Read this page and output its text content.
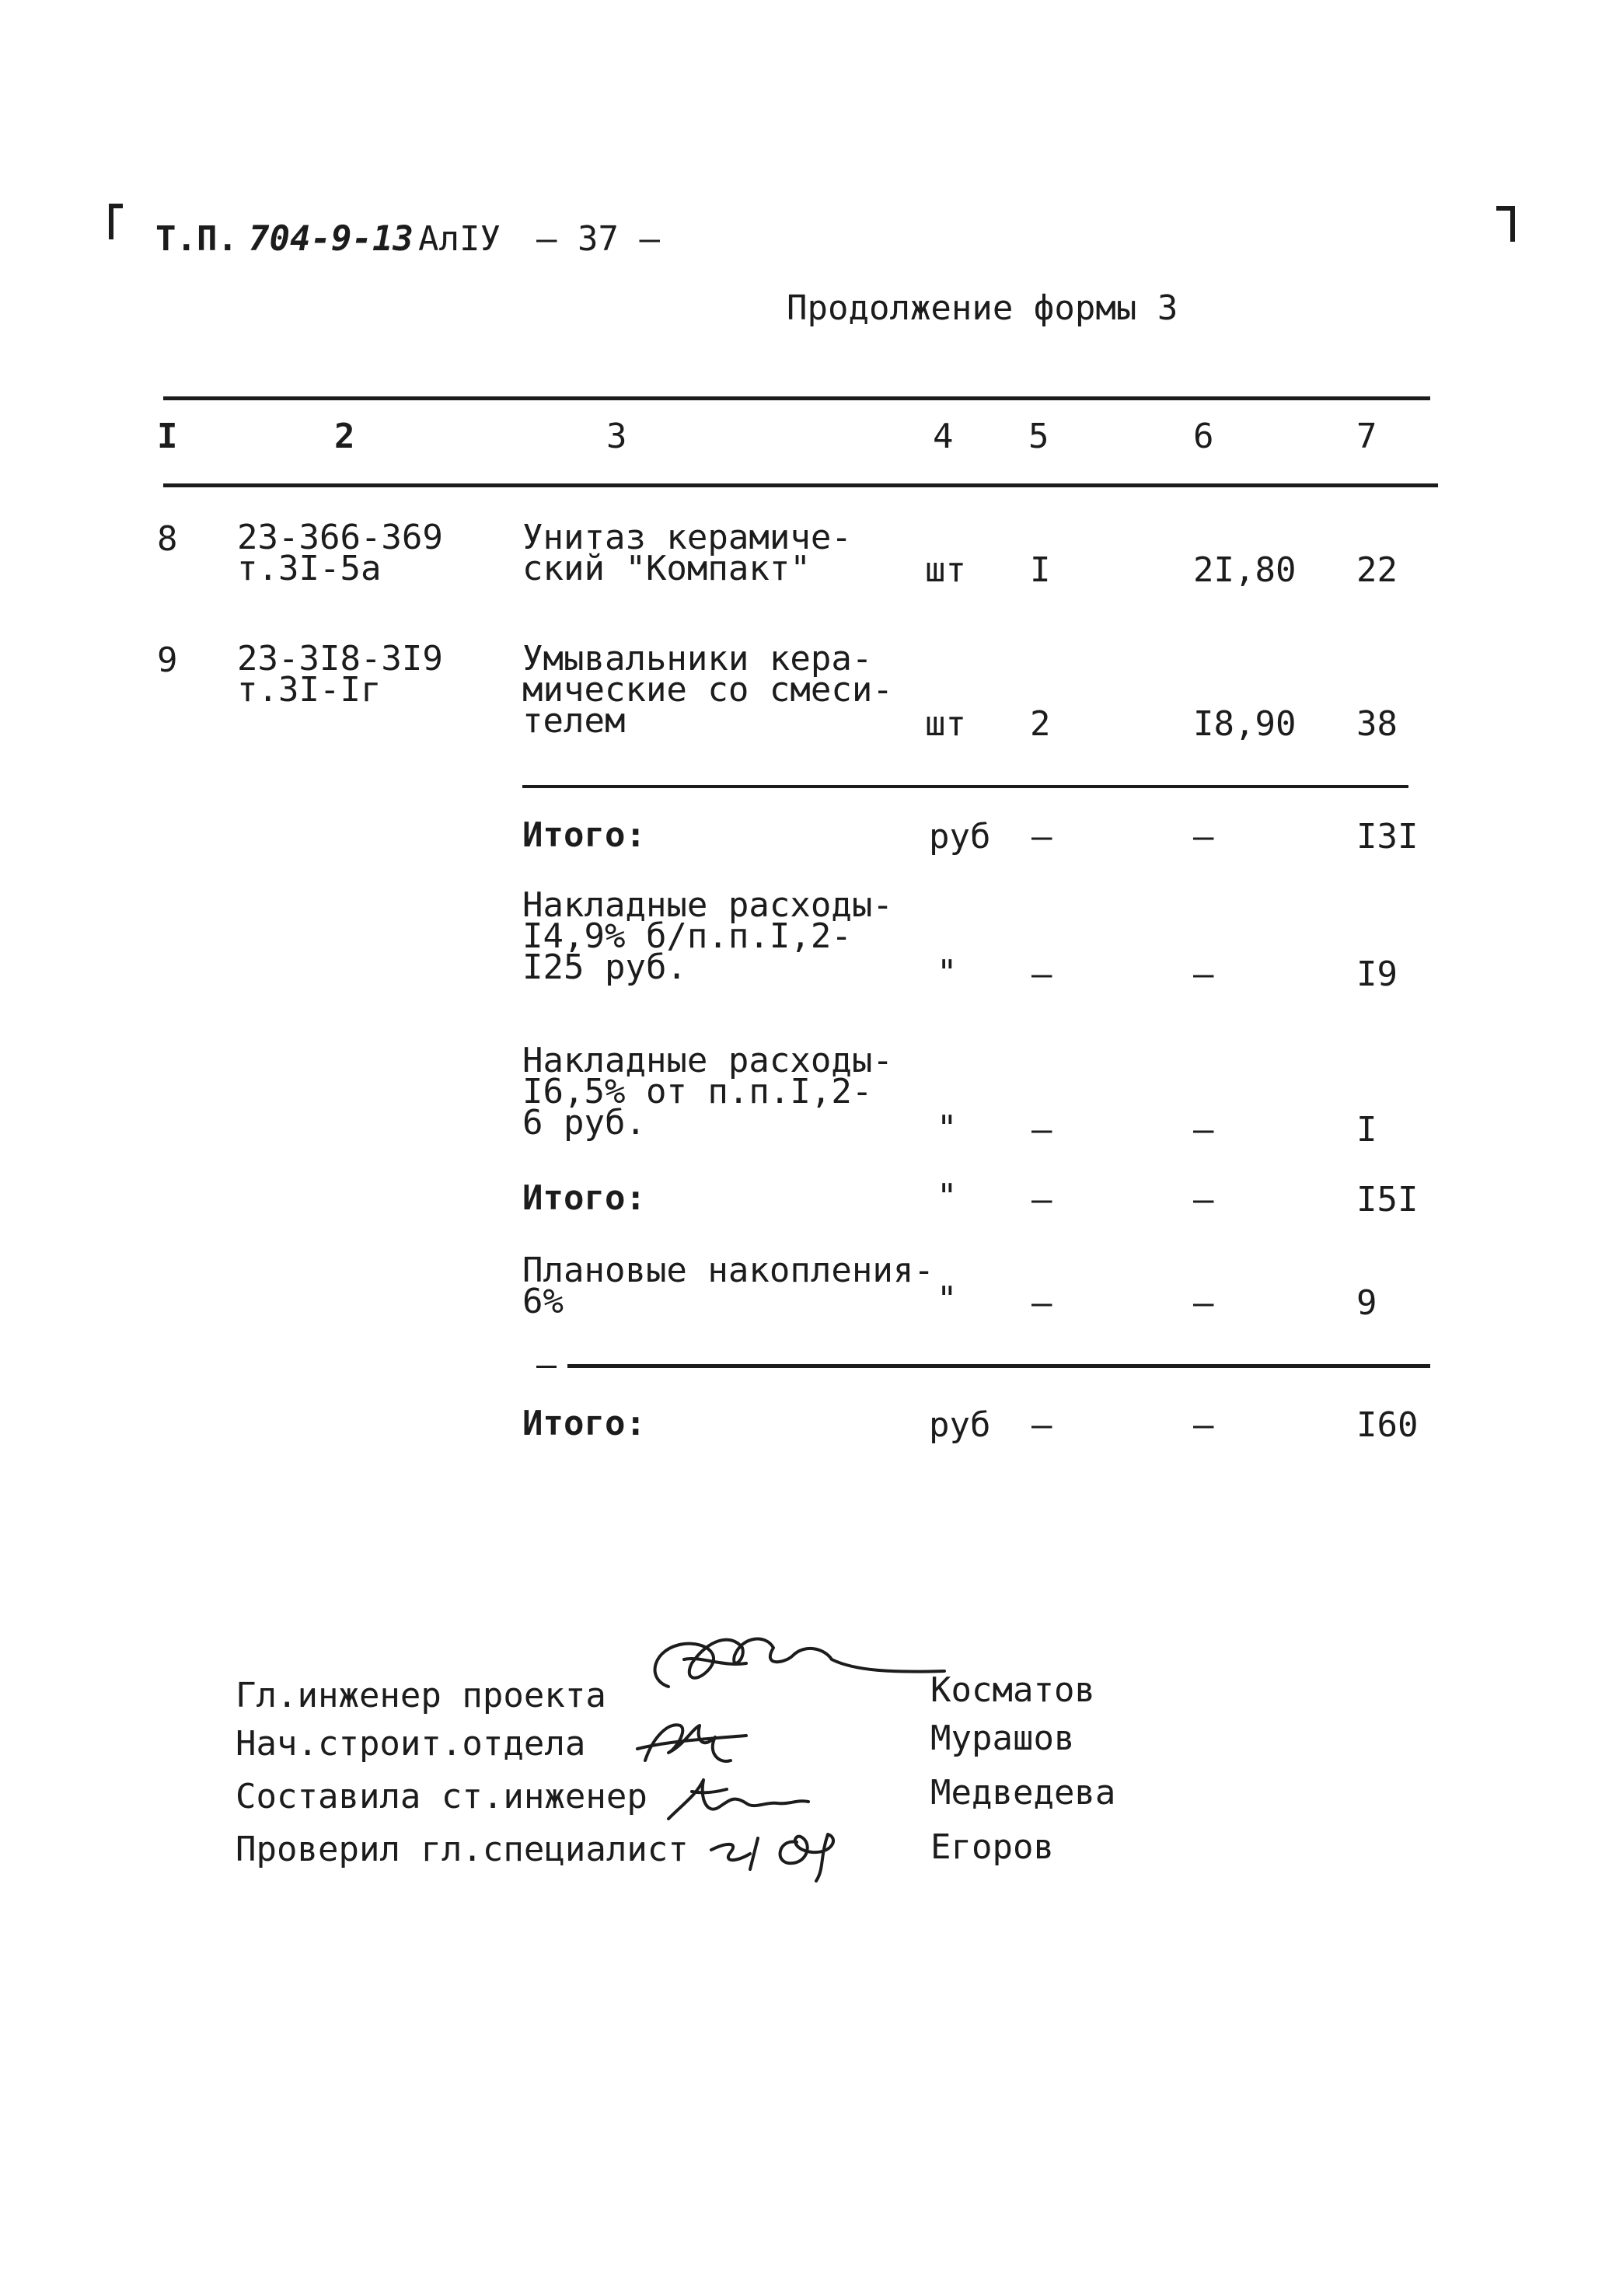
Т.П. 704-9-13 АлIУ — 37 —
Продолжение формы 3
I	2	3	4 5	6	7
8 23-366-369
т.3I-5а
Унитаз керамиче-
ский "Компакт"	шт I	2I,80 22
9 23-3I8-3I9
т.3I-Iг
Умывальники кера-
мические со смеси-
телем	шт 2	I8,90 38
Итого:	руб –	–	I3I
Накладные расходы-
I4,9% б/п.п.I,2-
I25 руб.	" –	–	I9
Накладные расходы-
I6,5% от п.п.I,2-
6 руб.	" –	–	I
Итого:	" –	–	I5I
Плановые накопления-
6%	" –	–	9
Итого:	руб –	–	I60
Гл.инженер проекта	Косматов
Нач.строит.отдела	Мурашов
Составила ст.инженер	Медведева
Проверил гл.специалист	Егоров
